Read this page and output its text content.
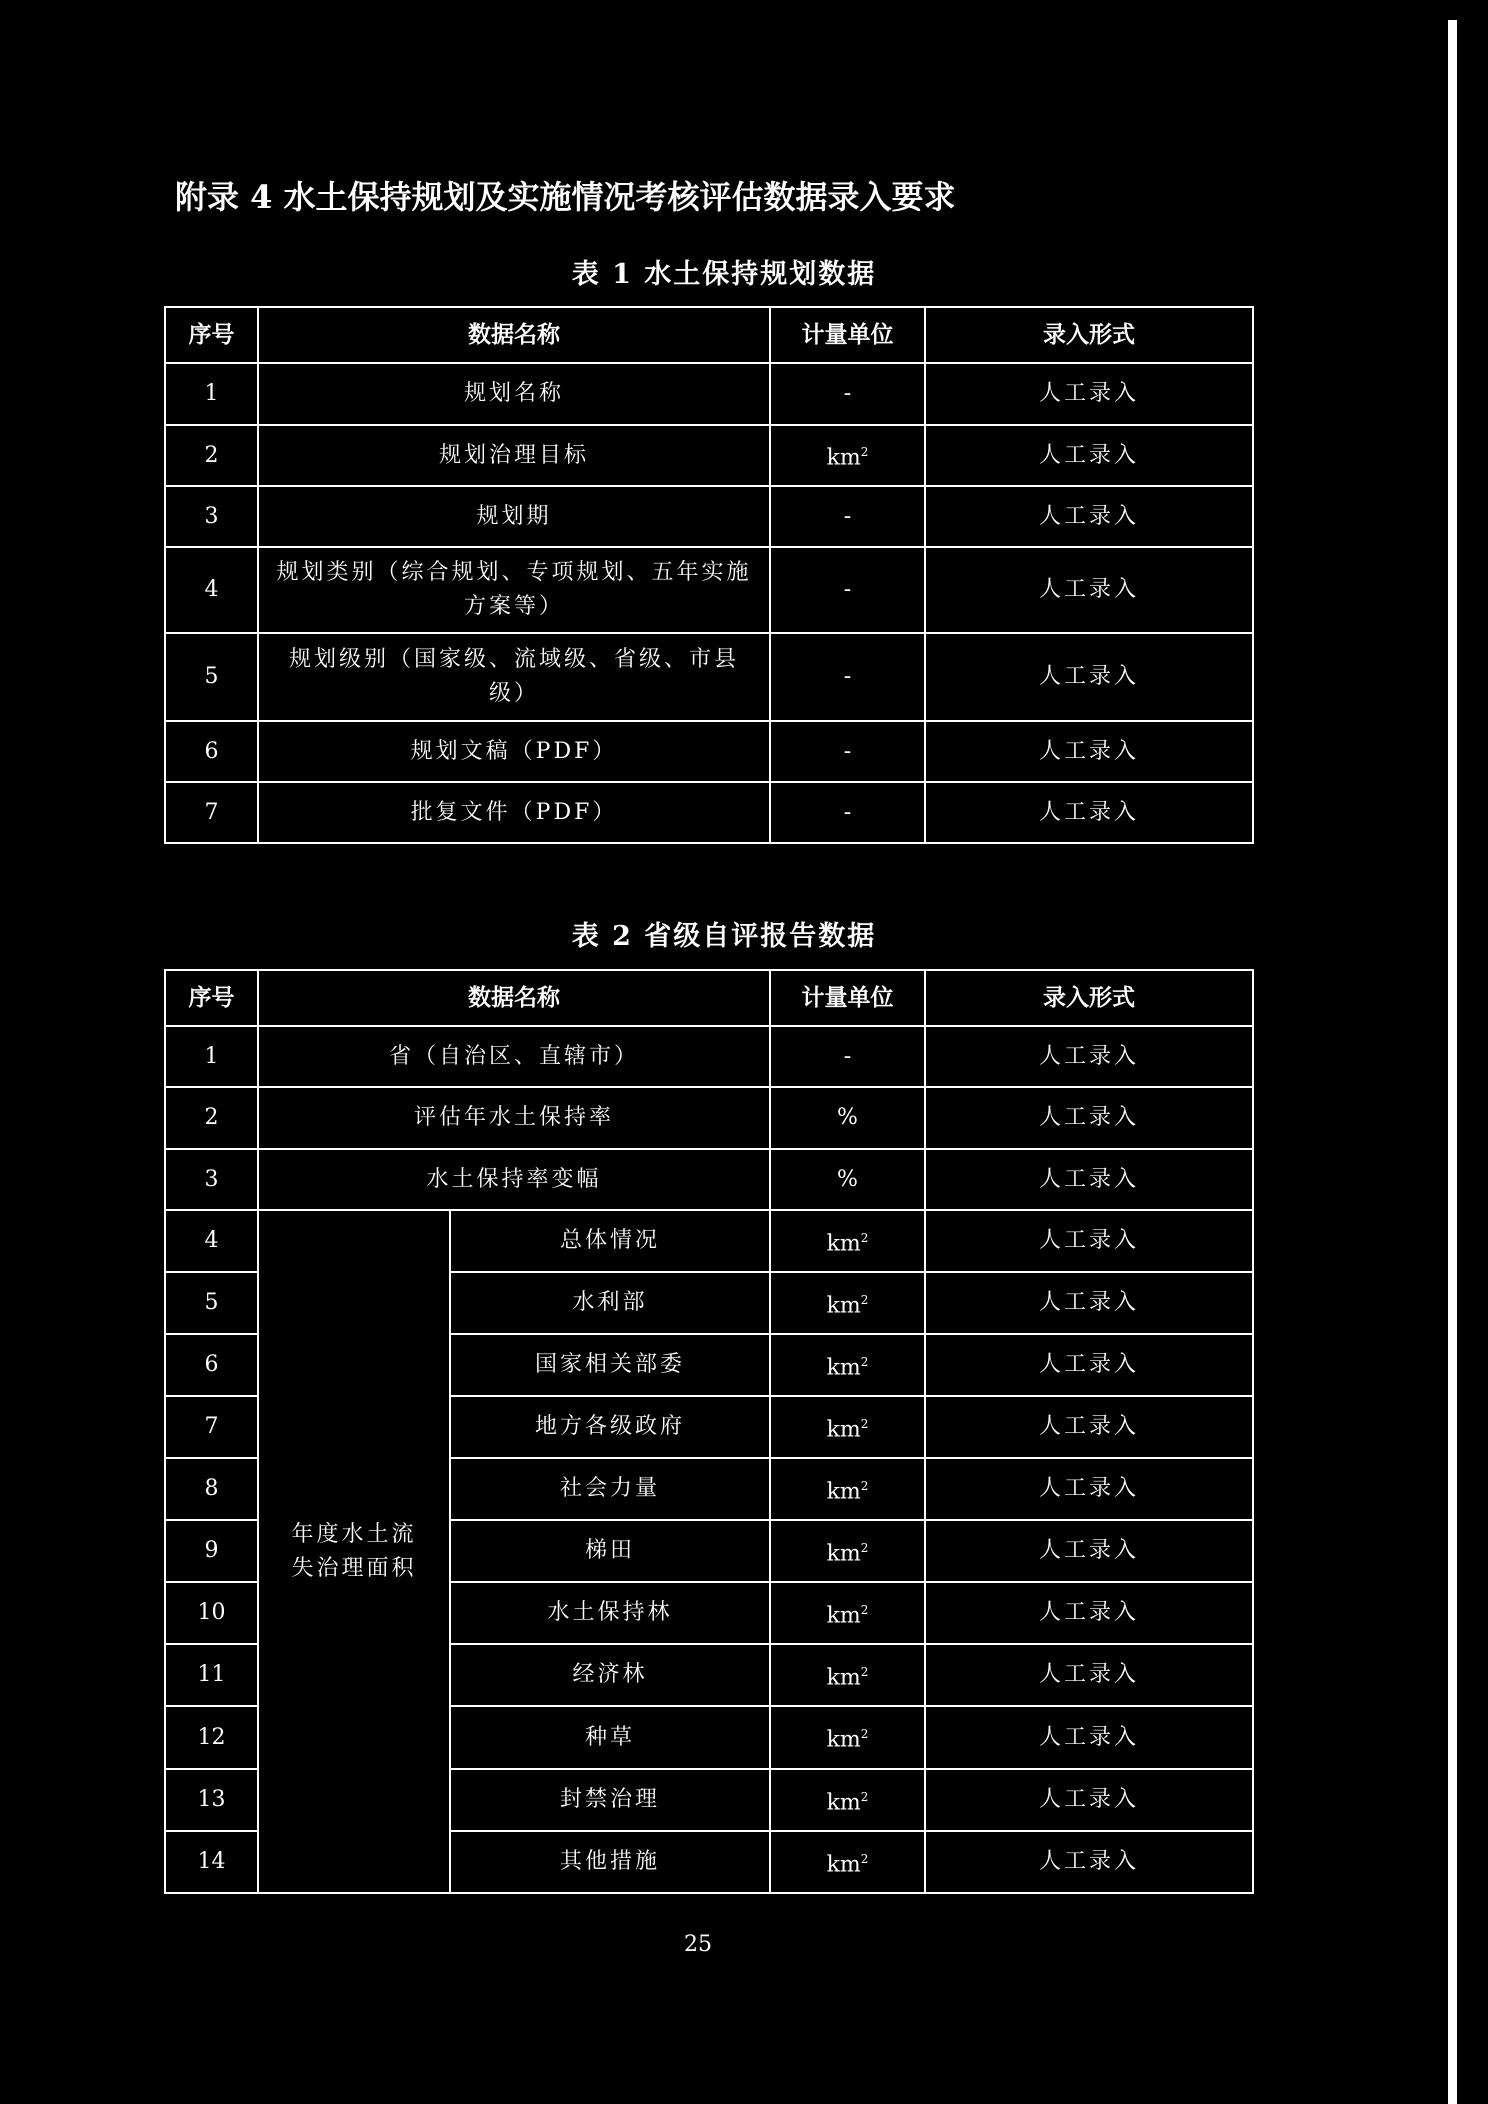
附录 4 水土保持规划及实施情况考核评估数据录入要求
表 1 水土保持规划数据
序号	数据名称	计量单位	录入形式
1	规划名称	-	人工录入
2	规划治理目标	$km^2$	人工录入
3	规划期	-	人工录入
4	规划类别（综合规划、专项规划、五年实施方案等）	-	人工录入
5	规划级别（国家级、流域级、省级、市县级）	-	人工录入
6	规划文稿（PDF）	-	人工录入
7	批复文件（PDF）	-	人工录入
表 2 省级自评报告数据
序号	数据名称		计量单位	录入形式
1	省（自治区、直辖市）		-	人工录入
2	评估年水土保持率		%	人工录入
3	水土保持率变幅		%	人工录入
4	年度水土流失治理面积	总体情况	$km^2$	人工录入
5		水利部	$km^2$	人工录入
6		国家相关部委	$km^2$	人工录入
7		地方各级政府	$km^2$	人工录入
8		社会力量	$km^2$	人工录入
9		梯田	$km^2$	人工录入
10		水土保持林	$km^2$	人工录入
11		经济林	$km^2$	人工录入
12		种草	$km^2$	人工录入
13		封禁治理	$km^2$	人工录入
14		其他措施	$km^2$	人工录入
25
